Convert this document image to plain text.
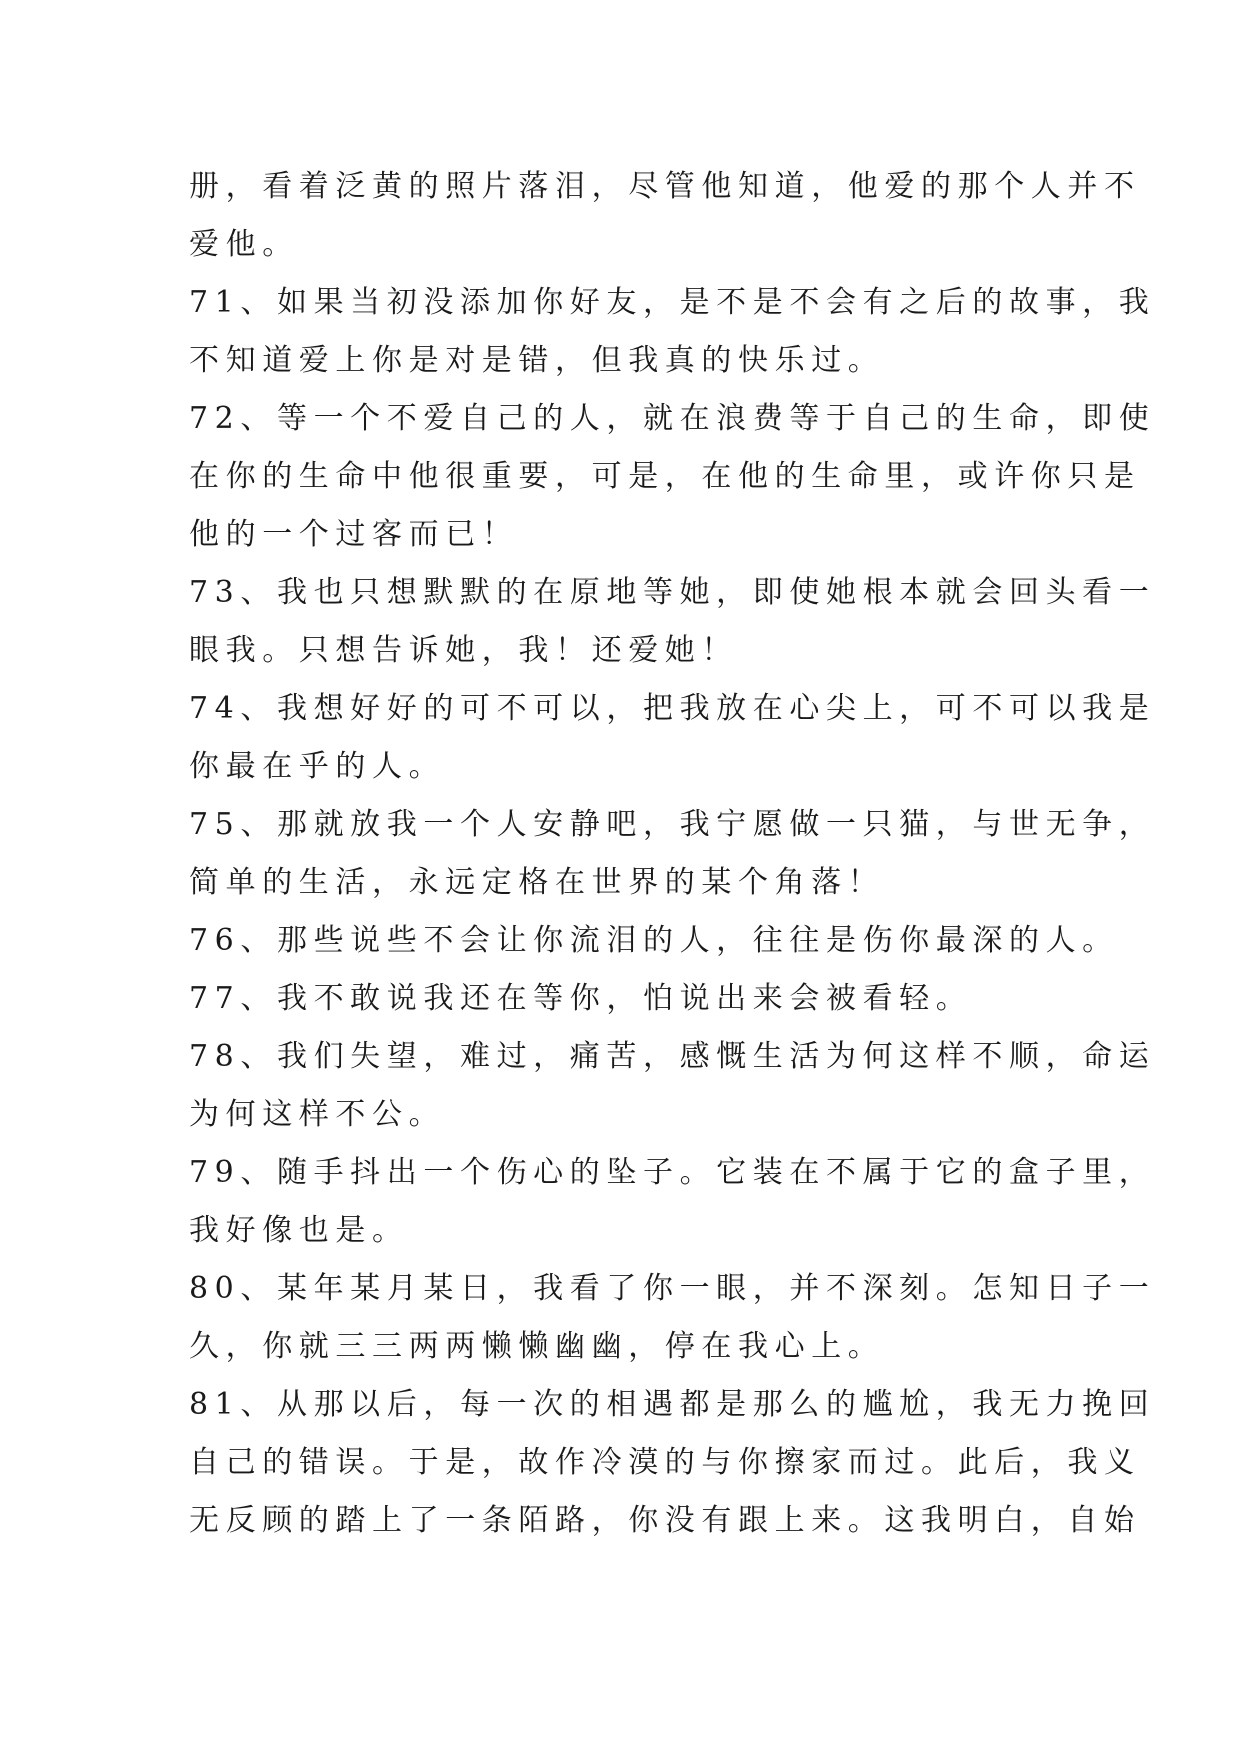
册，看着泛黄的照片落泪，尽管他知道，他爱的那个人并不
爱他。
71、如果当初没添加你好友，是不是不会有之后的故事，我
不知道爱上你是对是错，但我真的快乐过。
72、等一个不爱自己的人，就在浪费等于自己的生命，即使
在你的生命中他很重要，可是，在他的生命里，或许你只是
他的一个过客而已！
73、我也只想默默的在原地等她，即使她根本就会回头看一
眼我。只想告诉她，我！还爱她！
74、我想好好的可不可以，把我放在心尖上，可不可以我是
你最在乎的人。
75、那就放我一个人安静吧，我宁愿做一只猫，与世无争，
简单的生活，永远定格在世界的某个角落！
76、那些说些不会让你流泪的人，往往是伤你最深的人。
77、我不敢说我还在等你，怕说出来会被看轻。
78、我们失望，难过，痛苦，感慨生活为何这样不顺，命运
为何这样不公。
79、随手抖出一个伤心的坠子。它装在不属于它的盒子里，
我好像也是。
80、某年某月某日，我看了你一眼，并不深刻。怎知日子一
久，你就三三两两懒懒幽幽，停在我心上。
81、从那以后，每一次的相遇都是那么的尴尬，我无力挽回
自己的错误。于是，故作冷漠的与你擦家而过。此后，我义
无反顾的踏上了一条陌路，你没有跟上来。这我明白，自始
